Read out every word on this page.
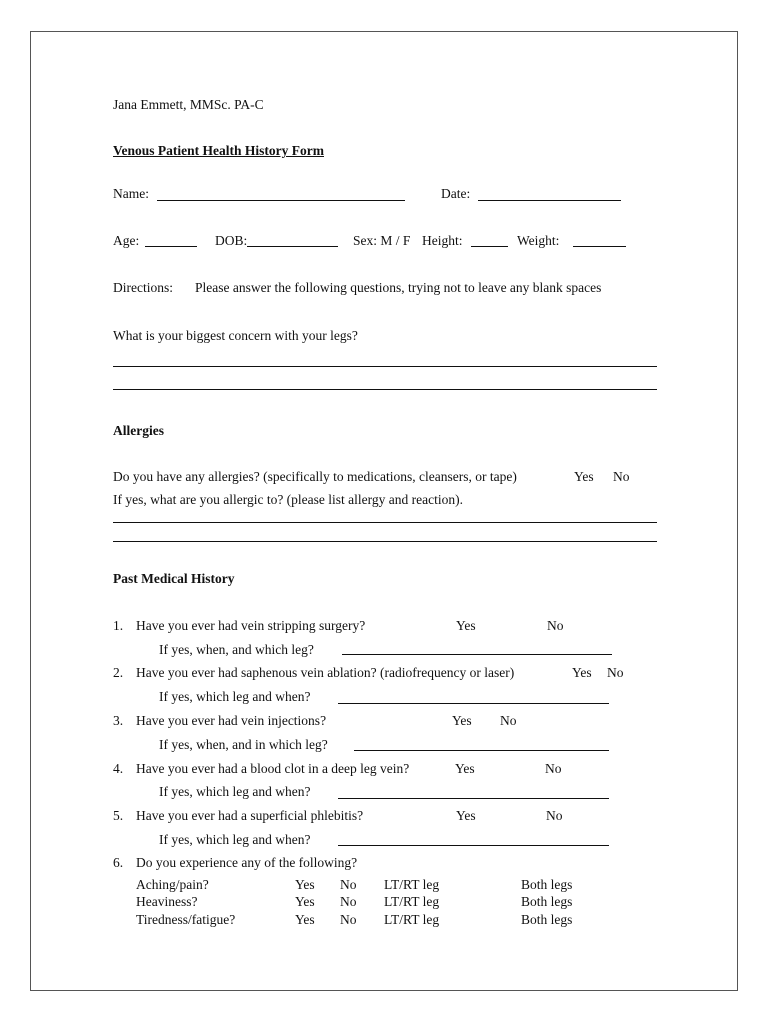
Jana Emmett, MMSc. PA-C
Venous Patient Health History Form
Name:	Date:
Age:	DOB:	Sex: M / F Height:	Weight:
Directions: Please answer the following questions, trying not to leave any blank spaces
What is your biggest concern with your legs?
Allergies
Do you have any allergies? (specifically to medications, cleansers, or tape)	Yes No
If yes, what are you allergic to? (please list allergy and reaction).
Past Medical History
1. Have you ever had vein stripping surgery?	Yes	No
If yes, when, and which leg?
2. Have you ever had saphenous vein ablation? (radiofrequency or laser)	Yes No
If yes, which leg and when?
3. Have you ever had vein injections?	Yes No
If yes, when, and in which leg?
4. Have you ever had a blood clot in a deep leg vein?	Yes	No
If yes, which leg and when?
5. Have you ever had a superficial phlebitis?	Yes	No
If yes, which leg and when?
6. Do you experience any of the following?
Aching/pain?	Yes No LT/RT leg	Both legs
Heaviness?	Yes No LT/RT leg	Both legs
Tiredness/fatigue?	Yes No LT/RT leg	Both legs
